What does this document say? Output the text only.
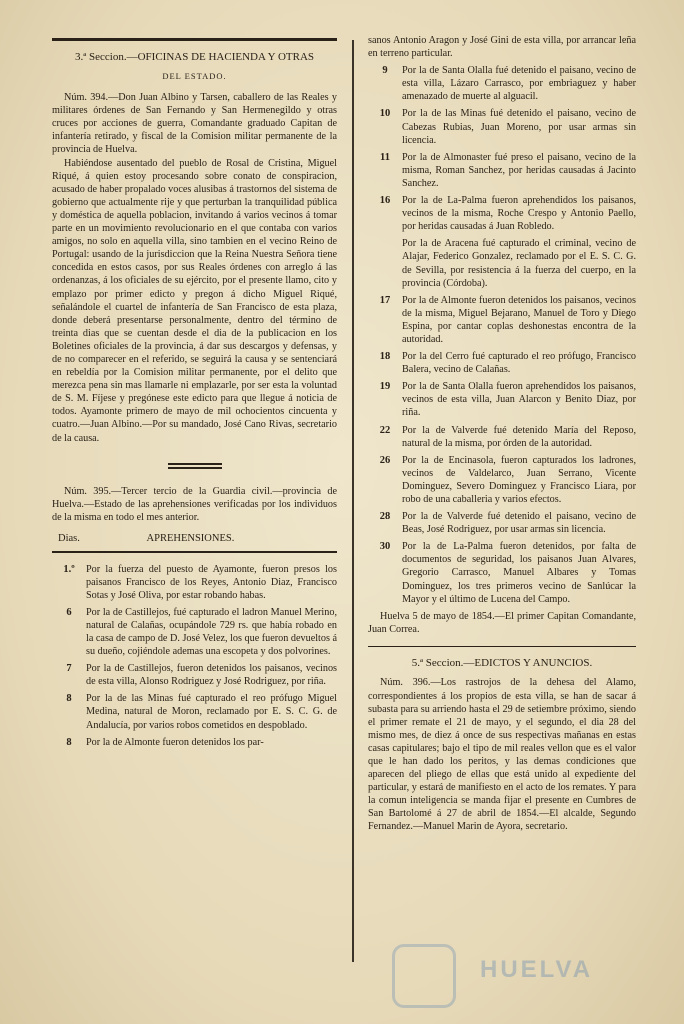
3.ª Seccion.—OFICINAS DE HACIENDA Y OTRAS
DEL ESTADO.

Núm. 394.—Don Juan Albino y Tarsen, caballero de las Reales y militares órdenes de San Fernando y San Hermenegildo y otras cruces por acciones de guerra, Comandante graduado Capitan de infantería retirado, y fiscal de la Comision militar permanente de la provincia de Huelva.

Habiéndose ausentado del pueblo de Rosal de Cristina, Miguel Riqué, á quien estoy procesando sobre conato de conspiracion, acusado de haber propalado voces alusibas á trastornos del sistema de gobierno que actualmente rije y que perturban la tranquilidad pública y doméstica de aquella poblacion, invitando á varios vecinos á tomar parte en un movimiento revolucionario en el que contaba con varios amigos, no solo en aquella villa, sino tambien en el vecino Reino de Portugal: usando de la jurisdiccion que la Reina Nuestra Señora tiene concedida en estos casos, por sus Reales órdenes con arreglo á las ordenanzas, á los oficiales de su ejército, por el presente llamo, cito y emplazo por primer edicto y pregon á dicho Miguel Riqué, señalándole el cuartel de infantería de San Francisco de esta plaza, donde deberá presentarse personalmente, dentro del término de treinta dias que se cuentan desde el dia de la publicacion en los Boletines oficiales de la provincia, á dar sus descargos y defensas, y de no comparecer en el referido, se seguirá la causa y se sentenciará en rebeldía por la Comision militar permanente, por el delito que merezca pena sin mas llamarle ni emplazarle, por ser esta la voluntad de S. M. Fíjese y pregónese este edicto para que llegue á noticia de todos. Ayamonte primero de mayo de mil ochocientos cincuenta y cuatro.—Juan Albino.—Por su mandado, José Cano Rivas, secretario de la causa.

Núm. 395.—Tercer tercio de la Guardia civil.—provincia de Huelva.—Estado de las aprehensiones verificadas por los individuos de la misma en todo el mes anterior.

Dias.	APREHENSIONES.
1.º	Por la fuerza del puesto de Ayamonte, fueron presos los paisanos Francisco de los Reyes, Antonio Diaz, Francisco Sotas y José Oliva, por estar robando habas.
6	Por la de Castillejos, fué capturado el ladron Manuel Merino, natural de Calañas, ocupándole 729 rs. que había robado en la casa de campo de D. José Velez, los que fueron devueltos á su dueño, cojiéndole ademas una escopeta y dos polvorines.
7	Por la de Castillejos, fueron detenidos los paisanos, vecinos de esta villa, Alonso Rodriguez y José Rodriguez, por riña.
8	Por la de las Minas fué capturado el reo prófugo Miguel Medina, natural de Moron, reclamado por E. S. C. G. de Andalucía, por varios robos cometidos en despoblado.
8	Por la de Almonte fueron detenidos los par-
sanos Antonio Aragon y José Gini de esta villa, por arrancar leña en terreno particular.
9	Por la de Santa Olalla fué detenido el paisano, vecino de esta villa, Lázaro Carrasco, por embriaguez y haber amenazado de muerte al alguacil.
10	Por la de las Minas fué detenido el paisano, vecino de Cabezas Rubias, Juan Moreno, por usar armas sin licencia.
11	Por la de Almonaster fué preso el paisano, vecino de la misma, Roman Sanchez, por heridas causadas á Jacinto Sanchez.
16	Por la de La-Palma fueron aprehendidos los paisanos, vecinos de la misma, Roche Crespo y Antonio Paello, por heridas causadas á Juan Robledo.
Por la de Aracena fué capturado el criminal, vecino de Alajar, Federico Gonzalez, reclamado por el E. S. C. G. de Sevilla, por resistencia á la fuerza del cuerpo, en la provincia (Córdoba).
17	Por la de Almonte fueron detenidos los paisanos, vecinos de la misma, Miguel Bejarano, Manuel de Toro y Diego Espina, por cantar coplas deshonestas encontra de la autoridad.
18	Por la del Cerro fué capturado el reo prófugo, Francisco Balera, vecino de Calañas.
19	Por la de Santa Olalla fueron aprehendidos los paisanos, vecinos de esta villa, Juan Alarcon y Benito Diaz, por riña.
22	Por la de Valverde fué detenido María del Reposo, natural de la misma, por órden de la autoridad.
26	Por la de Encinasola, fueron capturados los ladrones, vecinos de Valdelarco, Juan Serrano, Vicente Dominguez, Severo Dominguez y Francisco Liara, por robo de una caballeria y varios efectos.
28	Por la de Valverde fué detenido el paisano, vecino de Beas, José Rodriguez, por usar armas sin licencia.
30	Por la de La-Palma fueron detenidos, por falta de documentos de seguridad, los paisanos Juan Alvares, Gregorio Carrasco, Manuel Albares y Tomas Dominguez, los tres primeros vecino de Sanlúcar la Mayor y el último de Lucena del Campo.

Huelva 5 de mayo de 1854.—El primer Capitan Comandante, Juan Correa.

5.ª Seccion.—EDICTOS Y ANUNCIOS.

Núm. 396.—Los rastrojos de la dehesa del Alamo, correspondientes á los propios de esta villa, se han de sacar á subasta para su arriendo hasta el 29 de setiembre próximo, siendo el primer remate el 21 de mayo, y el segundo, el dia 28 del mismo mes, de diez á once de sus respectivas mañanas en estas casas capitulares; bajo el tipo de mil reales vellon que es el valor que le han dado los peritos, y las demas condiciones que aparecen del pliego de ellas que está unido al expediente del particular, y estará de manifiesto en el acto de los remates. Y para la comun inteligencia se manda fijar el presente en Cumbres de San Bartolomé á 27 de abril de 1854.—El alcalde, Segundo Fernandez.—Manuel Marin de Ayora, secretario.

HUELVA
